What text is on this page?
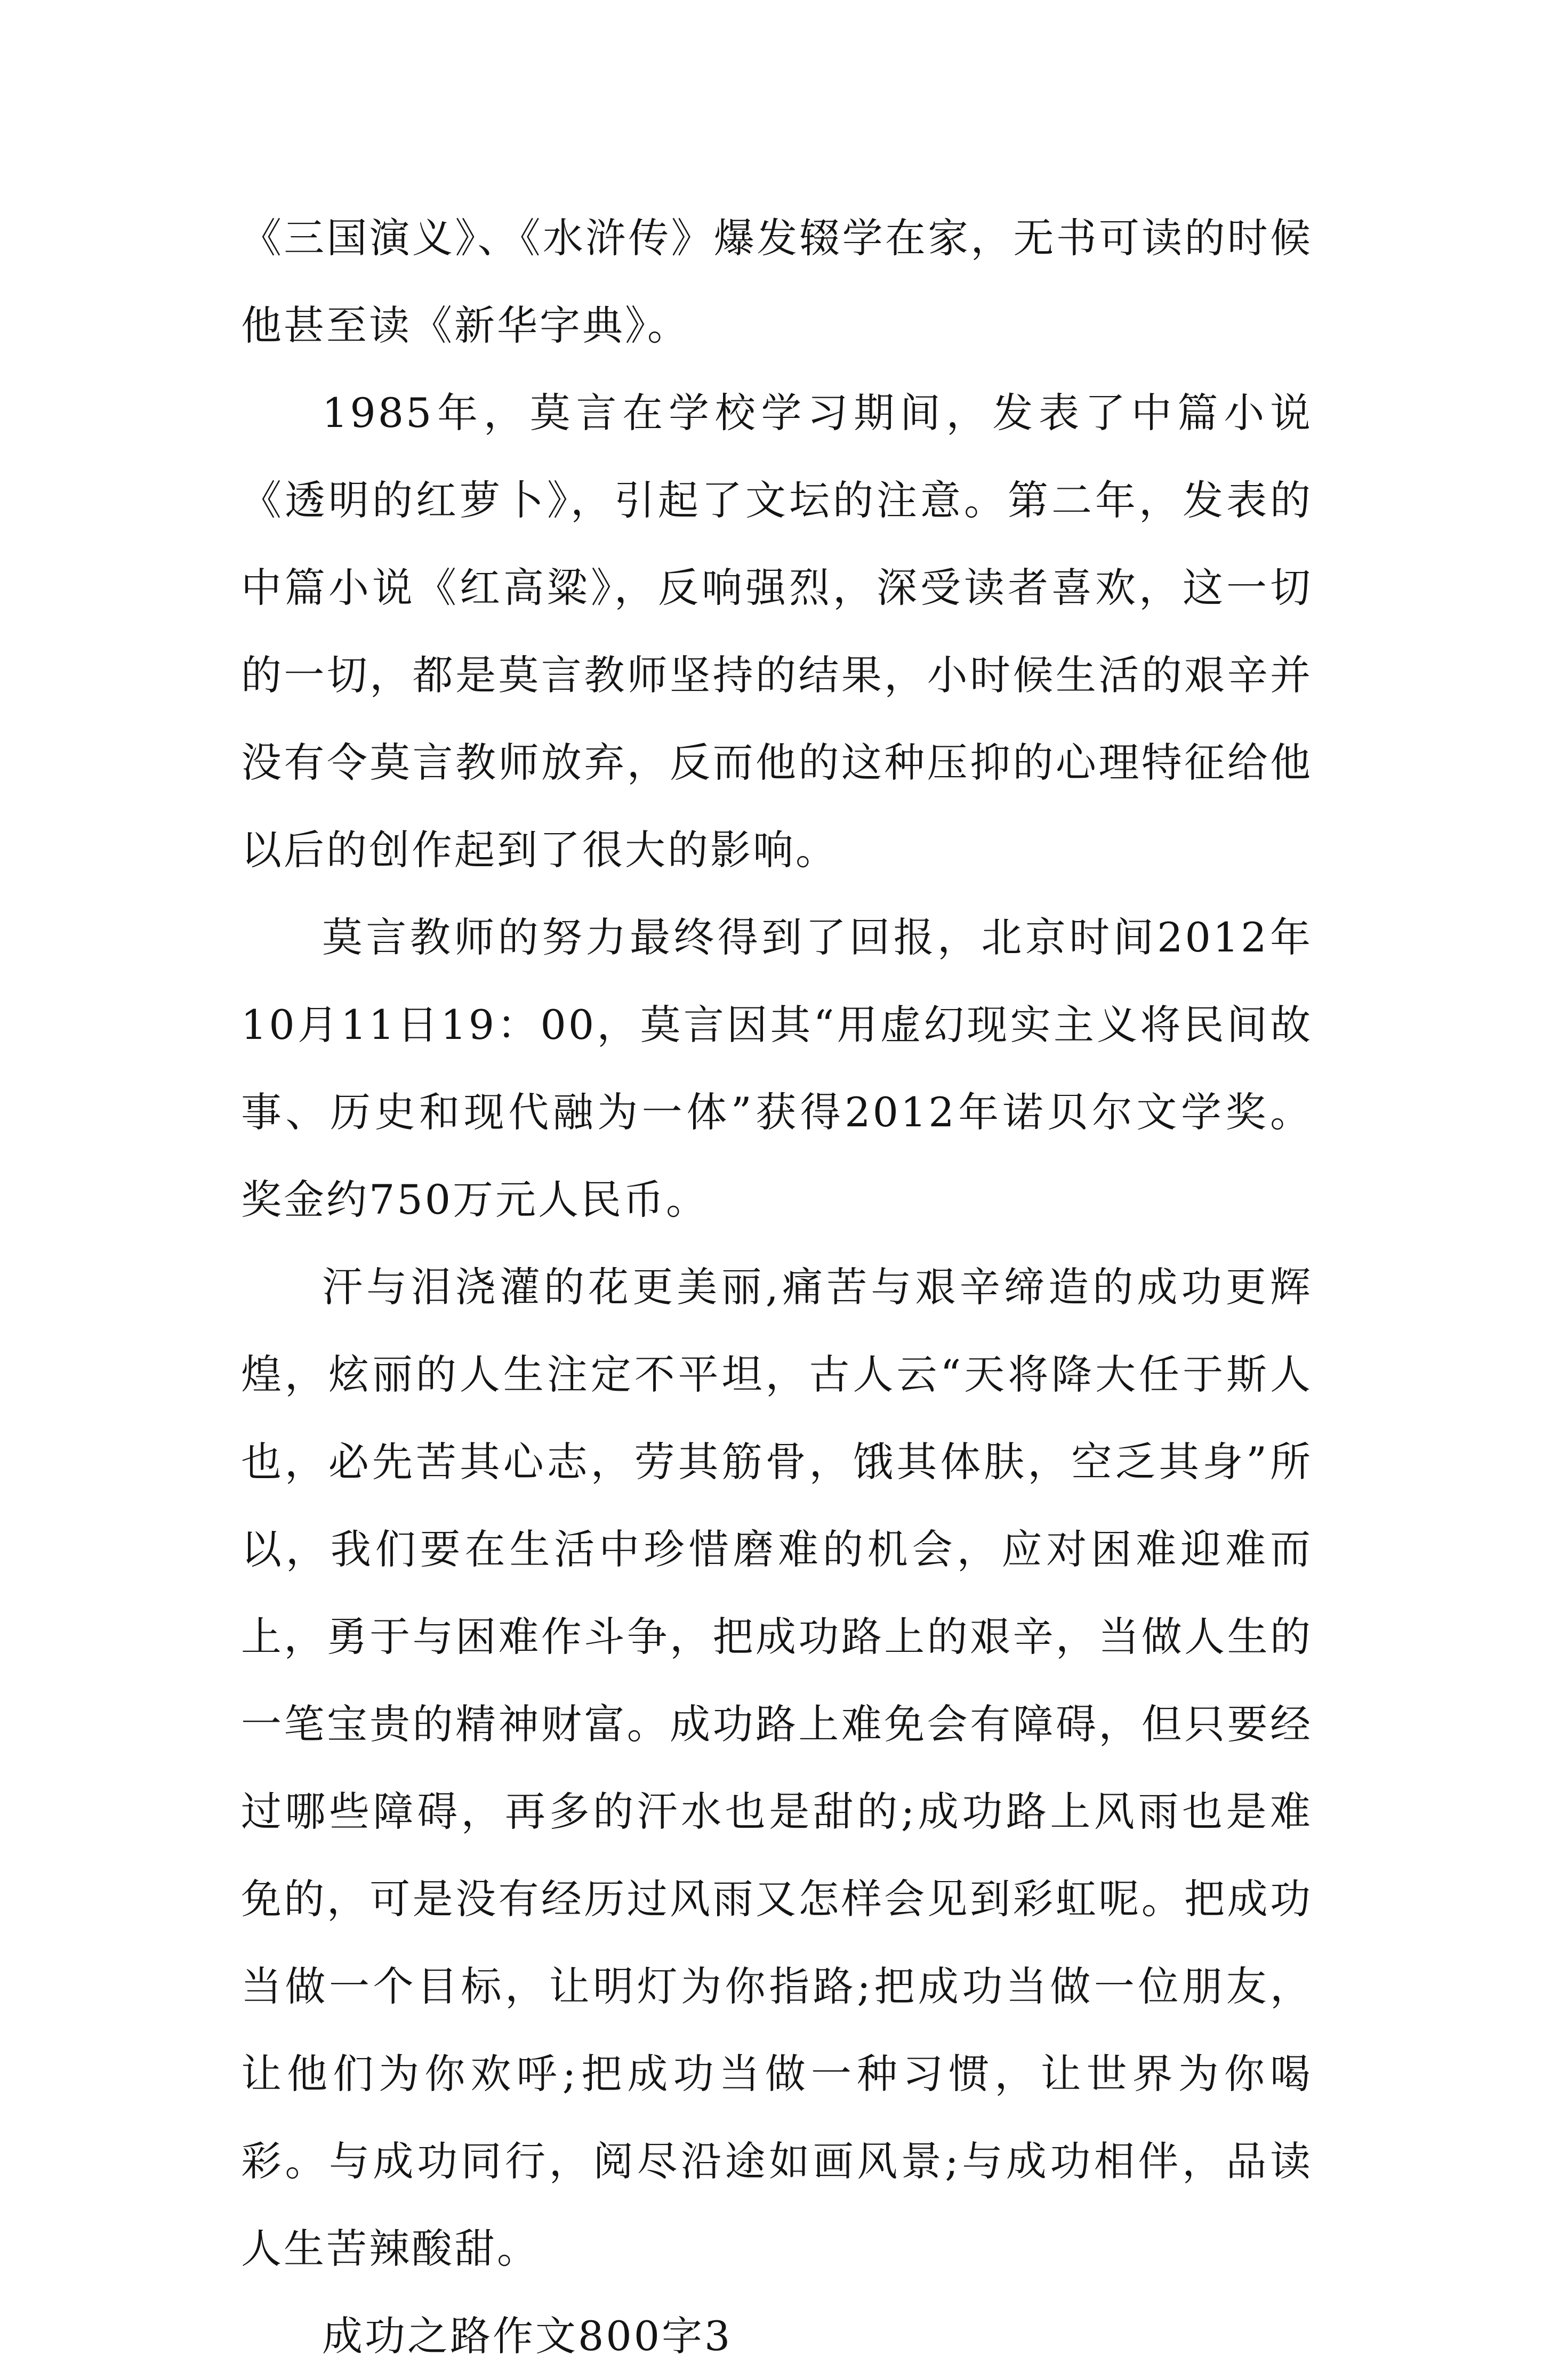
《三国演义》、《水浒传》爆发辍学在家，无书可读的时候他甚至读《新华字典》。

1985年，莫言在学校学习期间，发表了中篇小说《透明的红萝卜》，引起了文坛的注意。第二年，发表的中篇小说《红高粱》，反响强烈，深受读者喜欢，这一切的一切，都是莫言教师坚持的结果，小时候生活的艰辛并没有令莫言教师放弃，反而他的这种压抑的心理特征给他以后的创作起到了很大的影响。

莫言教师的努力最终得到了回报，北京时间2012年10月11日19：00，莫言因其“用虚幻现实主义将民间故事、历史和现代融为一体”获得2012年诺贝尔文学奖。奖金约750万元人民币。

汗与泪浇灌的花更美丽,痛苦与艰辛缔造的成功更辉煌，炫丽的人生注定不平坦，古人云“天将降大任于斯人也，必先苦其心志，劳其筋骨，饿其体肤，空乏其身”所以，我们要在生活中珍惜磨难的机会，应对困难迎难而上，勇于与困难作斗争，把成功路上的艰辛，当做人生的一笔宝贵的精神财富。成功路上难免会有障碍，但只要经过哪些障碍，再多的汗水也是甜的;成功路上风雨也是难免的，可是没有经历过风雨又怎样会见到彩虹呢。把成功当做一个目标，让明灯为你指路;把成功当做一位朋友，让他们为你欢呼;把成功当做一种习惯，让世界为你喝彩。与成功同行，阅尽沿途如画风景;与成功相伴，品读人生苦辣酸甜。

成功之路作文800字3
